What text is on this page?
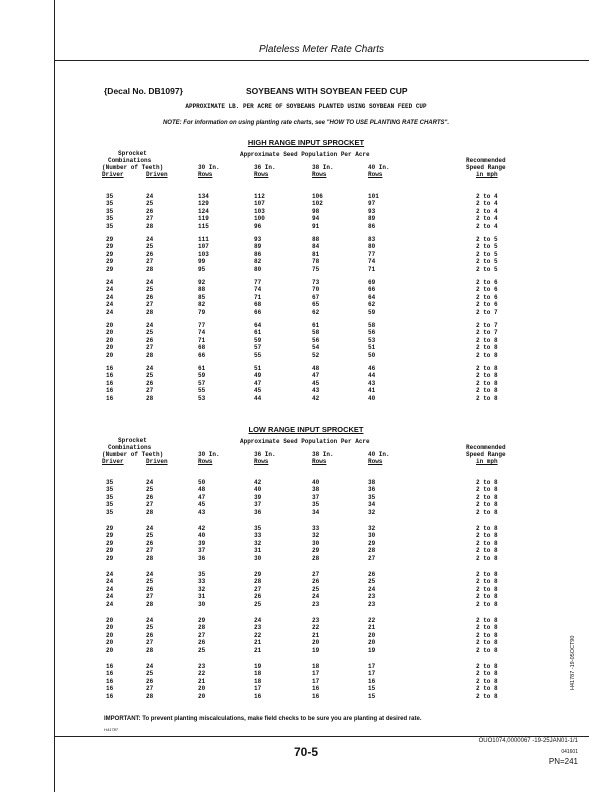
Plateless Meter Rate Charts
{Decal No. DB1097}	SOYBEANS WITH SOYBEAN FEED CUP
APPROXIMATE LB. PER ACRE OF SOYBEANS PLANTED USING SOYBEAN FEED CUP
NOTE: For information on using planting rate charts, see "HOW TO USE PLANTING RATE CHARTS".
HIGH RANGE INPUT SPROCKET
Sprocket
Combinations
(Number of Teeth)
Driver	Driven
Approximate Seed Population Per Acre
30 In.	36 In.	38 In.	40 In.
Rows	Rows	Rows	Rows
Recommended
Speed Range
in mph
35	24	134	112	106	101	2 to 4
35	25	129	107	102	97	2 to 4
35	26	124	103	98	93	2 to 4
35	27	119	100	94	89	2 to 4
35	28	115	96	91	86	2 to 4
29	24	111	93	88	83	2 to 5
29	25	107	89	84	80	2 to 5
29	26	103	86	81	77	2 to 5
29	27	99	82	78	74	2 to 5
29	28	95	80	75	71	2 to 5
24	24	92	77	73	69	2 to 6
24	25	88	74	70	66	2 to 6
24	26	85	71	67	64	2 to 6
24	27	82	68	65	62	2 to 6
24	28	79	66	62	59	2 to 7
20	24	77	64	61	58	2 to 7
20	25	74	61	58	56	2 to 7
20	26	71	59	56	53	2 to 8
20	27	68	57	54	51	2 to 8
20	28	66	55	52	50	2 to 8
16	24	61	51	48	46	2 to 8
16	25	59	49	47	44	2 to 8
16	26	57	47	45	43	2 to 8
16	27	55	45	43	41	2 to 8
16	28	53	44	42	40	2 to 8
LOW RANGE INPUT SPROCKET
Sprocket
Combinations
(Number of Teeth)
Driver	Driven
Approximate Seed Population Per Acre
30 In.	36 In.	38 In.	40 In.
Rows	Rows	Rows	Rows
Recommended
Speed Range
in mph
35	24	50	42	40	38	2 to 8
35	25	48	40	38	36	2 to 8
35	26	47	39	37	35	2 to 8
35	27	45	37	35	34	2 to 8
35	28	43	36	34	32	2 to 8
29	24	42	35	33	32	2 to 8
29	25	40	33	32	30	2 to 8
29	26	39	32	30	29	2 to 8
29	27	37	31	29	28	2 to 8
29	28	36	30	28	27	2 to 8
24	24	35	29	27	26	2 to 8
24	25	33	28	26	25	2 to 8
24	26	32	27	25	24	2 to 8
24	27	31	26	24	23	2 to 8
24	28	30	25	23	23	2 to 8
20	24	29	24	23	22	2 to 8
20	25	28	23	22	21	2 to 8
20	26	27	22	21	20	2 to 8
20	27	26	21	20	20	2 to 8
20	28	25	21	19	19	2 to 8
16	24	23	19	18	17	2 to 8
16	25	22	18	17	17	2 to 8
16	26	21	18	17	16	2 to 8
16	27	20	17	16	15	2 to 8
16	28	20	16	16	15	2 to 8
IMPORTANT: To prevent planting miscalculations, make field checks to be sure you are planting at desired rate.
H41787
H41787 -19-05OCT90
OUO1074,0000067 -19-25JAN01-1/1
70-5	041601
PN=241
